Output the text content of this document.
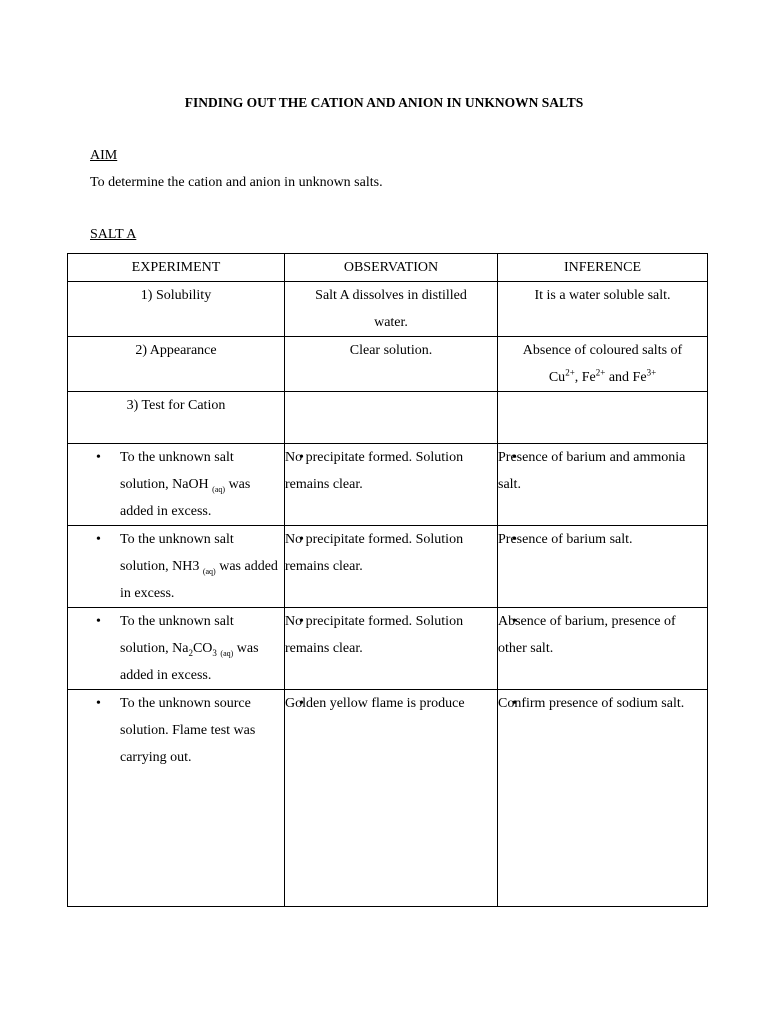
FINDING OUT THE CATION AND ANION IN UNKNOWN SALTS
AIM
To determine the cation and anion in unknown salts.
SALT A
EXPERIMENT	OBSERVATION	INFERENCE
1) Solubility	Salt A dissolves in distilled water.	It is a water soluble salt.
2) Appearance	Clear solution.	Absence of coloured salts of
$Cu^{2+}$, $Fe^{2+}$ and $Fe^{3+}$
3) Test for Cation		
• To the unknown salt solution, NaOH $_{(aq)}$ was added in excess.	• No precipitate formed. Solution remains clear.	• Presence of barium and ammonia salt.
• To the unknown salt solution, NH3 $_{(aq)}$ was added in excess.	• No precipitate formed. Solution remains clear.	• Presence of barium salt.
• To the unknown salt solution, $Na_2CO_3$ $_{(aq)}$ was added in excess.	• No precipitate formed. Solution remains clear.	• Absence of barium, presence of other salt.
• To the unknown source solution. Flame test was carrying out.	• Golden yellow flame is produce	• Confirm presence of sodium salt.
